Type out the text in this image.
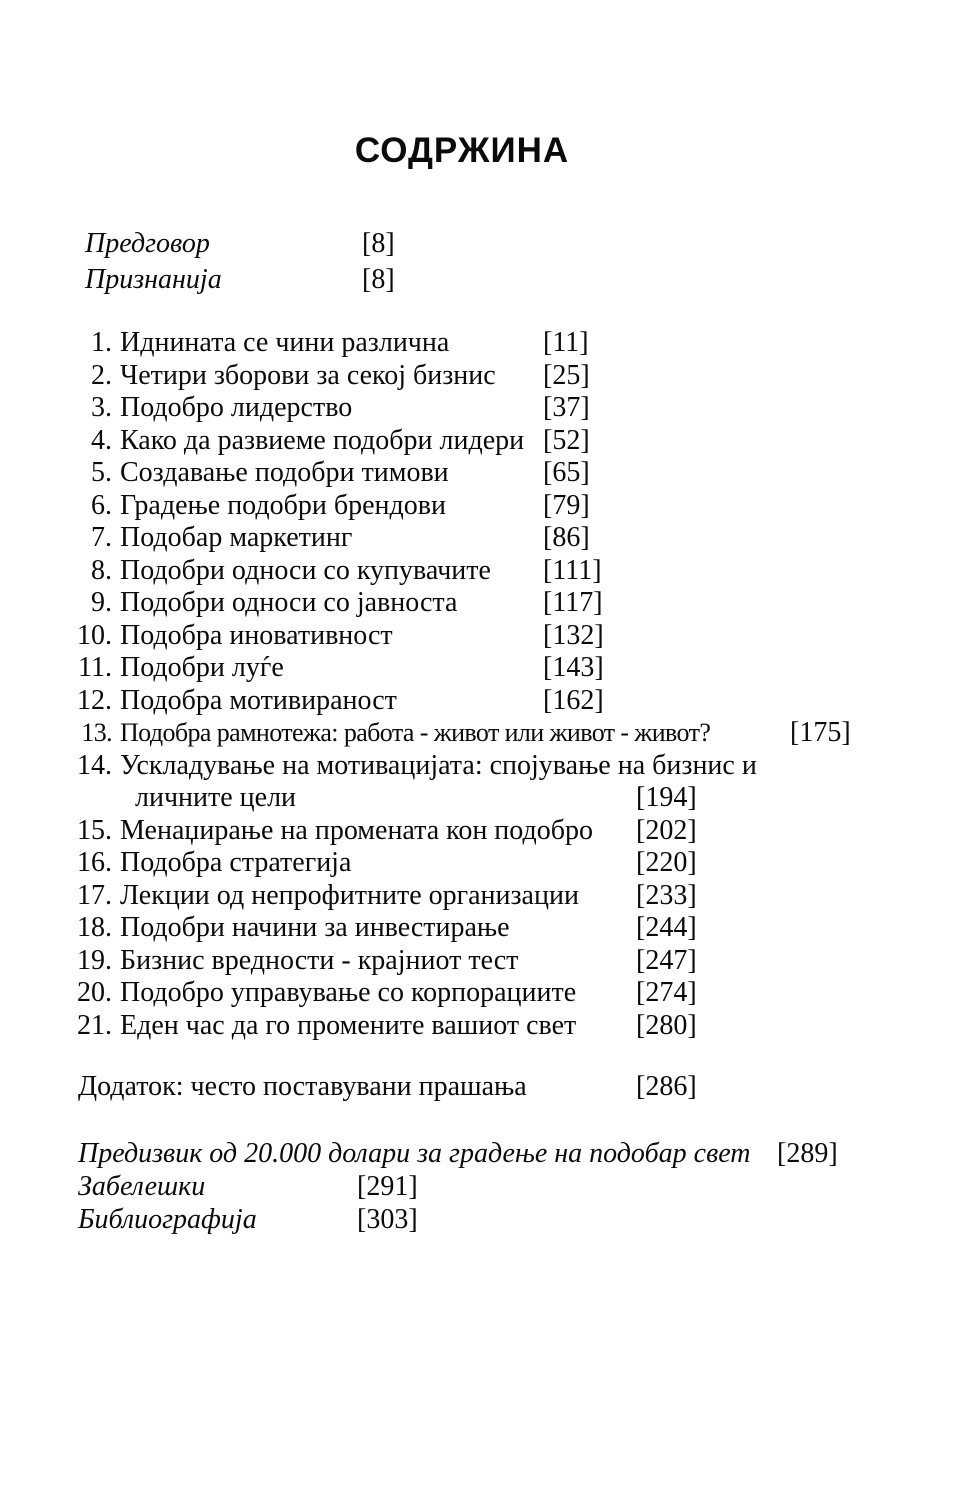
СОДРЖИНА
Предговор	[8]
Признанија	[8]
1. Иднината се чини различна	[11]
2. Четири зборови за секој бизнис [25]
3. Подобро лидерство	[37]
4. Како да развиеме подобри лидери [52]
5. Создавање подобри тимови	[65]
6. Градење подобри брендови	[79]
7. Подобар маркетинг	[86]
8. Подобри односи со купувачите [111]
9. Подобри односи со јавноста	[117]
10. Подобра иновативност	[132]
11. Подобри луѓе	[143]
12. Подобра мотивираност	[162]
13. Подобра рамнотежа: работа - живот или живот - живот?	[175]
14. Ускладување на мотивацијата: спојување на бизнис и
личните цели	[194]
15. Менаџирање на промената кон подобро [202]
16. Подобра стратегија	[220]
17. Лекции од непрофитните организации [233]
18. Подобри начини за инвестирање	[244]
19. Бизнис вредности - крајниот тест	[247]
20. Подобро управување со корпорациите [274]
21. Еден час да го промените вашиот свет [280]
Додаток: често поставувани прашања	[286]
Предизвик од 20.000 долари за градење на подобар свет [289]
Забелешки	[291]
Библиографија	[303]
